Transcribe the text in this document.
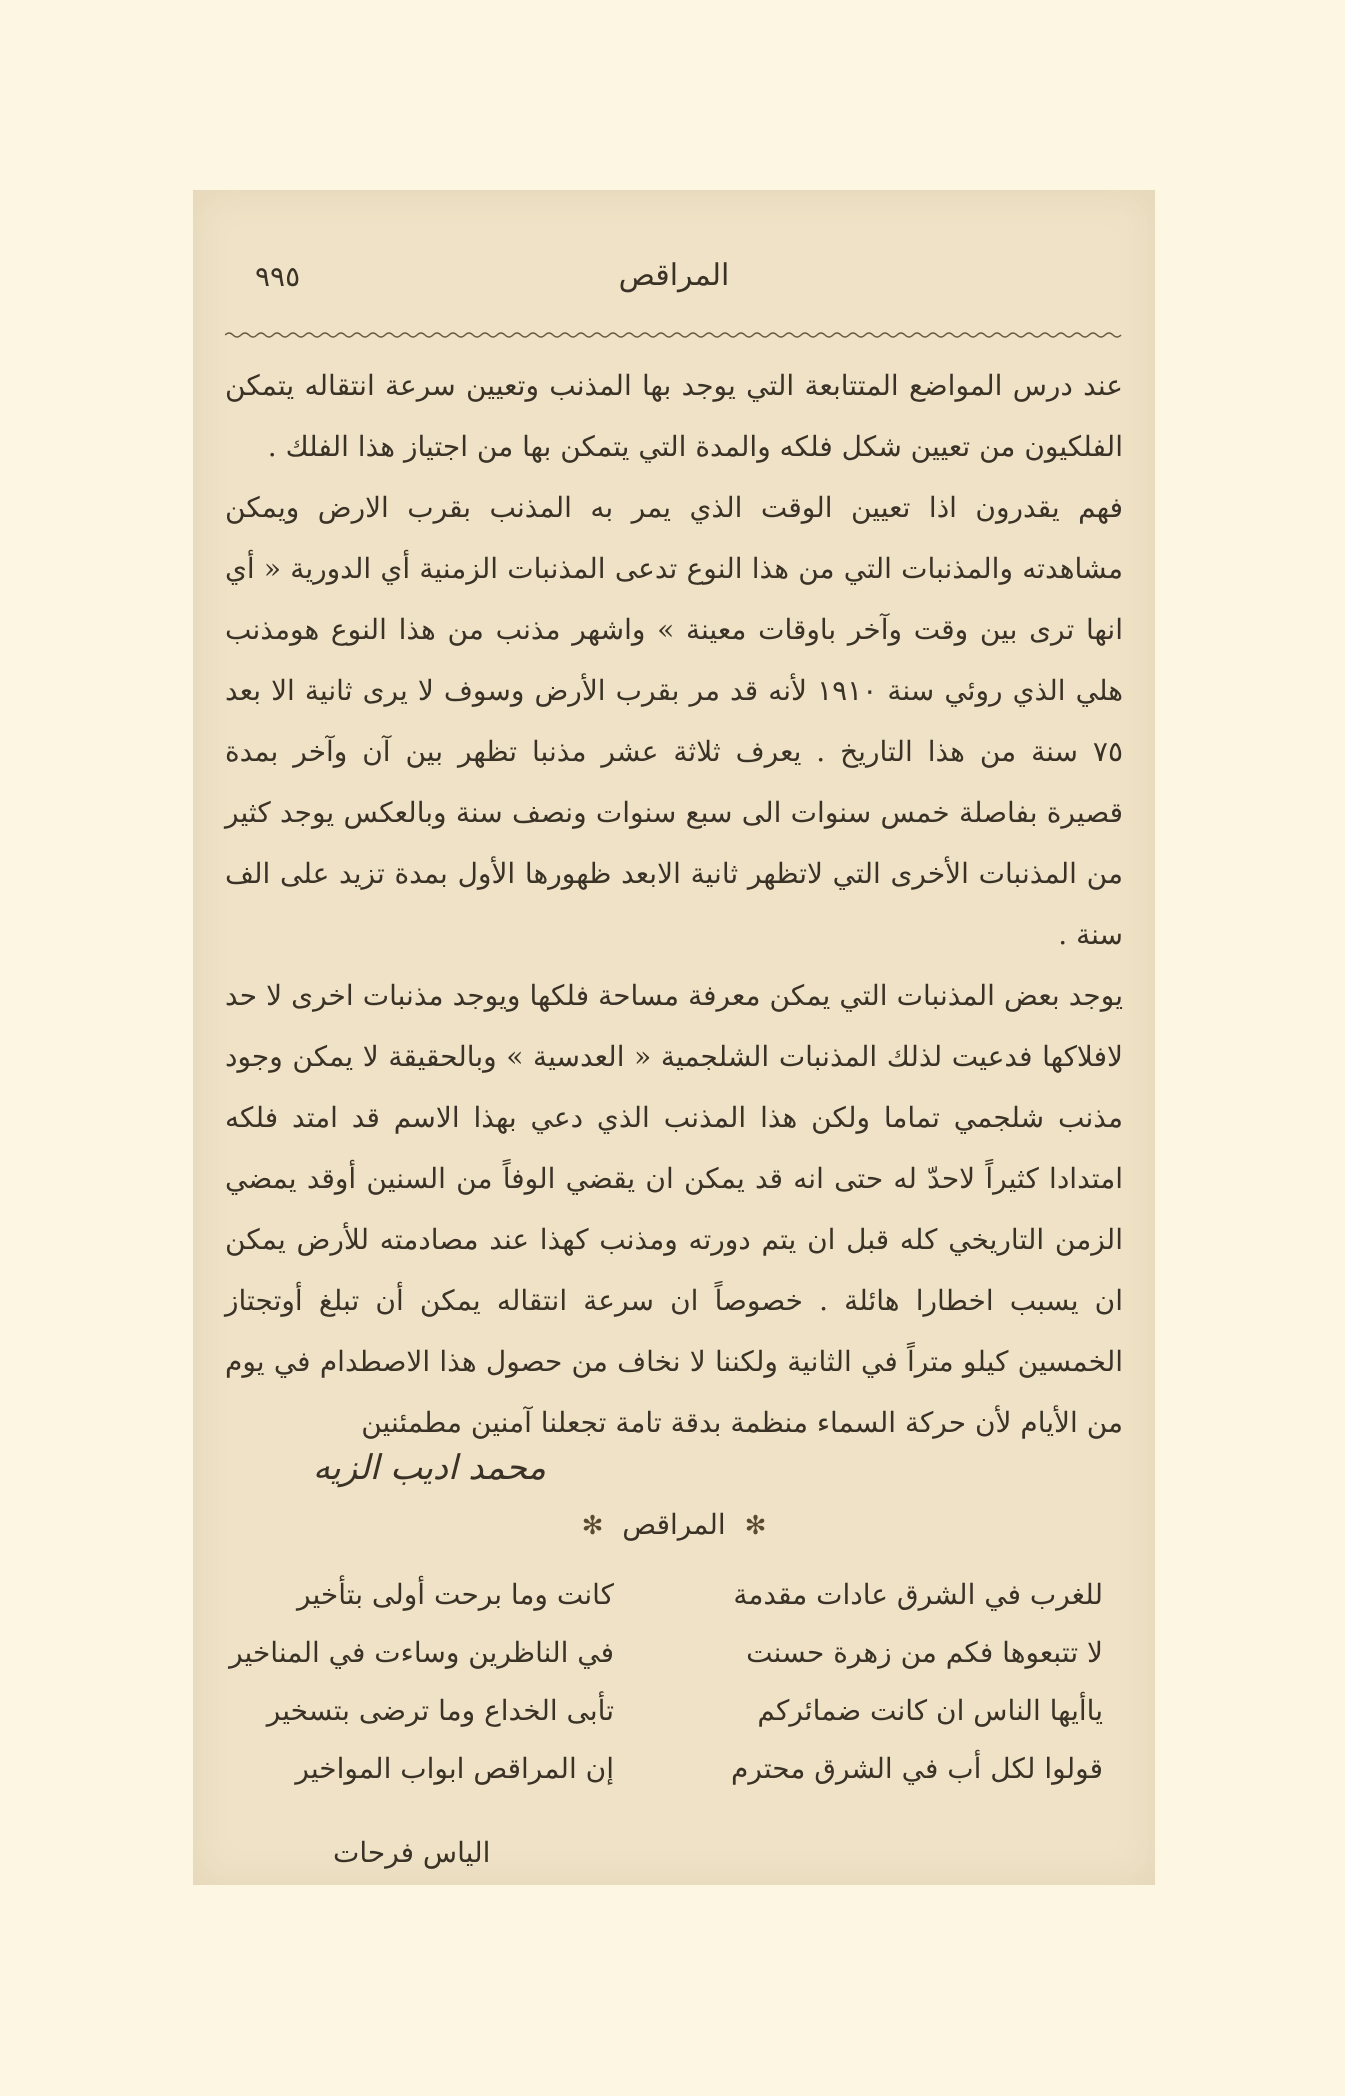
المراقص
٩٩٥

عند درس المواضع المتتابعة التي يوجد بها المذنب وتعيين سرعة انتقاله يتمكن الفلكيون من تعيين شكل فلكه والمدة التي يتمكن بها من اجتياز هذا الفلك .

فهم يقدرون اذا تعيين الوقت الذي يمر به المذنب بقرب الارض ويمكن مشاهدته والمذنبات التي من هذا النوع تدعى المذنبات الزمنية أي الدورية « أي انها ترى بين وقت وآخر باوقات معينة » واشهر مذنب من هذا النوع هومذنب هلي الذي روئي سنة ١٩١٠ لأنه قد مر بقرب الأرض وسوف لا يرى ثانية الا بعد ٧٥ سنة من هذا التاريخ . يعرف ثلاثة عشر مذنبا تظهر بين آن وآخر بمدة قصيرة بفاصلة خمس سنوات الى سبع سنوات ونصف سنة وبالعكس يوجد كثير من المذنبات الأخرى التي لاتظهر ثانية الابعد ظهورها الأول بمدة تزيد على الف سنة .

يوجد بعض المذنبات التي يمكن معرفة مساحة فلكها ويوجد مذنبات اخرى لا حد لافلاكها فدعيت لذلك المذنبات الشلجمية « العدسية » وبالحقيقة لا يمكن وجود مذنب شلجمي تماما ولكن هذا المذنب الذي دعي بهذا الاسم قد امتد فلكه امتدادا كثيراً لاحدّ له حتى انه قد يمكن ان يقضي الوفاً من السنين أوقد يمضي الزمن التاريخي كله قبل ان يتم دورته ومذنب كهذا عند مصادمته للأرض يمكن ان يسبب اخطارا هائلة . خصوصاً ان سرعة انتقاله يمكن أن تبلغ أوتجتاز الخمسين كيلو متراً في الثانية ولكننا لا نخاف من حصول هذا الاصطدام في يوم من الأيام لأن حركة السماء منظمة بدقة تامة تجعلنا آمنين مطمئنين

محمد اديب الزيه
✻ المراقص ✻
للغرب في الشرق عادات مقدمة
كانت وما برحت أولى بتأخير
لا تتبعوها فكم من زهرة حسنت
في الناظرين وساءت في المناخير
ياأيها الناس ان كانت ضمائركم
تأبى الخداع وما ترضى بتسخير
قولوا لكل أب في الشرق محترم
إن المراقص ابواب المواخير
الياس فرحات
